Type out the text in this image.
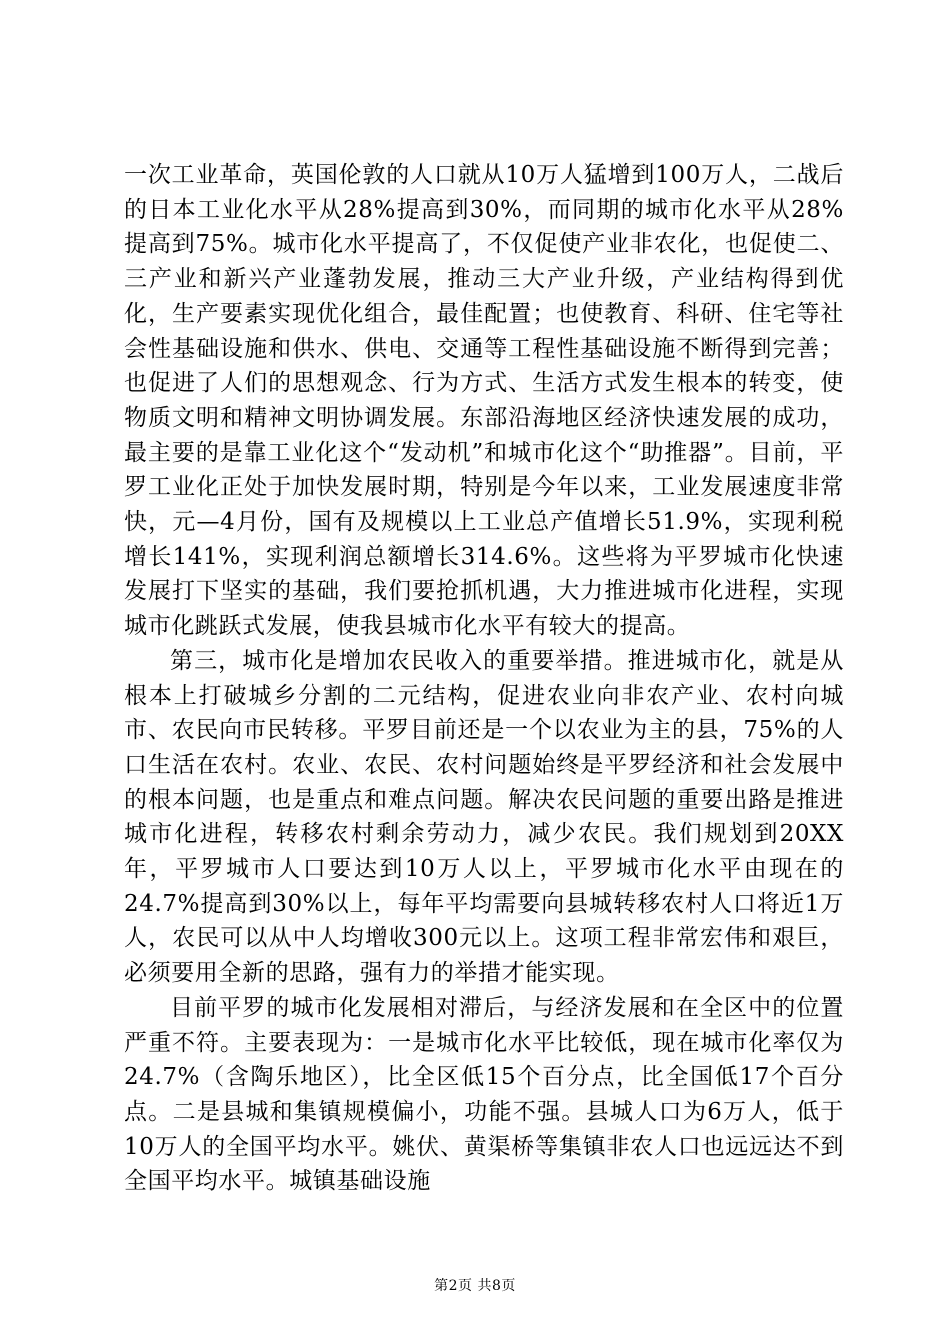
一次工业革命，英国伦敦的人口就从10万人猛增到100万人，二战后的日本工业化水平从28%提高到30%，而同期的城市化水平从28%提高到75%。城市化水平提高了，不仅促使产业非农化，也促使二、三产业和新兴产业蓬勃发展，推动三大产业升级，产业结构得到优化，生产要素实现优化组合，最佳配置；也使教育、科研、住宅等社会性基础设施和供水、供电、交通等工程性基础设施不断得到完善；也促进了人们的思想观念、行为方式、生活方式发生根本的转变，使物质文明和精神文明协调发展。东部沿海地区经济快速发展的成功，最主要的是靠工业化这个“发动机”和城市化这个“助推器”。目前，平罗工业化正处于加快发展时期，特别是今年以来，工业发展速度非常快，元—4月份，国有及规模以上工业总产值增长51.9%，实现利税增长141%，实现利润总额增长314.6%。这些将为平罗城市化快速发展打下坚实的基础，我们要抢抓机遇，大力推进城市化进程，实现城市化跳跃式发展，使我县城市化水平有较大的提高。

第三，城市化是增加农民收入的重要举措。推进城市化，就是从根本上打破城乡分割的二元结构，促进农业向非农产业、农村向城市、农民向市民转移。平罗目前还是一个以农业为主的县，75%的人口生活在农村。农业、农民、农村问题始终是平罗经济和社会发展中的根本问题，也是重点和难点问题。解决农民问题的重要出路是推进城市化进程，转移农村剩余劳动力，减少农民。我们规划到20XX年，平罗城市人口要达到10万人以上，平罗城市化水平由现在的24.7%提高到30%以上，每年平均需要向县城转移农村人口将近1万人，农民可以从中人均增收300元以上。这项工程非常宏伟和艰巨，必须要用全新的思路，强有力的举措才能实现。

目前平罗的城市化发展相对滞后，与经济发展和在全区中的位置严重不符。主要表现为：一是城市化水平比较低，现在城市化率仅为24.7%（含陶乐地区），比全区低15个百分点，比全国低17个百分点。二是县城和集镇规模偏小，功能不强。县城人口为6万人，低于10万人的全国平均水平。姚伏、黄渠桥等集镇非农人口也远远达不到全国平均水平。城镇基础设施

第2页 共8页
